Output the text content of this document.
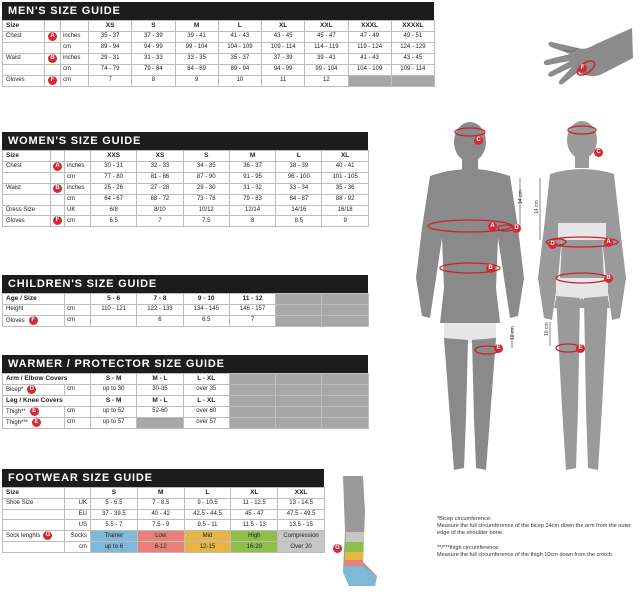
MEN'S SIZE GUIDE
Size			XS	S	M	L	XL	XXL	XXXL	XXXXL
Chest	A	inches	35 - 37	37 - 39	39 - 41	41 - 43	43 - 45	45 - 47	47 - 49	49 - 51
		cm	89 - 94	94 - 99	99 - 104	104 - 109	109 - 114	114 - 119	119 - 124	124 - 129
Waist	B	inches	29 - 31	31 - 33	33 - 35	35 - 37	37 - 39	39 - 41	41 - 43	43 - 45
		cm	74 - 79	79 - 84	84 - 89	89 - 94	94 - 99	99 - 104	104 - 109	109 - 114
Gloves	F	cm	7	8	9	10	11	12		
WOMEN'S SIZE GUIDE
Size			XXS	XS	S	M	L	XL
Chest	A	inches	30 - 31	32 - 33	34 - 35	36 - 37	38 - 39	40 - 41
		cm	77 - 80	81 - 86	87 - 90	91 - 95	96 - 100	101 - 105
Waist	B	inches	25 - 26	27 - 28	29 - 30	31 - 32	33 - 34	35 - 36
		cm	64 - 67	68 - 72	73 - 78	79 - 83	84 - 87	88 - 92
Dress Size		UK	6/8	8/10	10/12	12/14	14/16	16/18
Gloves	F	cm	6.5	7	7.5	8	8.5	9
CHILDREN'S SIZE GUIDE
Age / Size		5 - 6	7 - 8	9 - 10	11 - 12		
Height	cm	110 - 121	122 - 133	134 - 145	146 - 157		
Gloves F	cm		6	6.5	7		
WARMER / PROTECTOR SIZE GUIDE
Arm / Elbow Covers		S - M	M - L	L - XL			
Bicep* D	cm	up to 30	30-35	over 35			
Leg / Knee Covers		S - M	M - L	L - XL			
Thigh** E	cm	up to 52	52-60	over 60			
Thigh*** E	cm	up to 57		over 57			
FOOTWEAR SIZE GUIDE
Size		S	M	L	XL	XXL
Shoe Size	UK	5 - 6.5	7 - 8.5	9 - 10.5	11 - 12.5	13 - 14.5
	EU	37 - 39.5	40 - 42	42.5 - 44.5	45 - 47	47.5 - 49.5
	US	5.5 - 7	7.5 - 9	9.5 - 11	11.5 - 13	13.5 - 15
Sock lenghts G	Socks	Trainer	Low	Mid	High	Compression
	cm	up to 6	6-12	12-15	16-20	Over 20
F
14 cm
14 cm
10 cm	10 cm
C
A	D
B
E
C
A
D
B
E
G

*Bicep circumference:
Measure the full circumference of the bicep 14cm down the arm from the outer edge of the shoulder bone.

**/***thigh circumference:
Measure the full circumference of the thigh 10cm down from the crotch.
